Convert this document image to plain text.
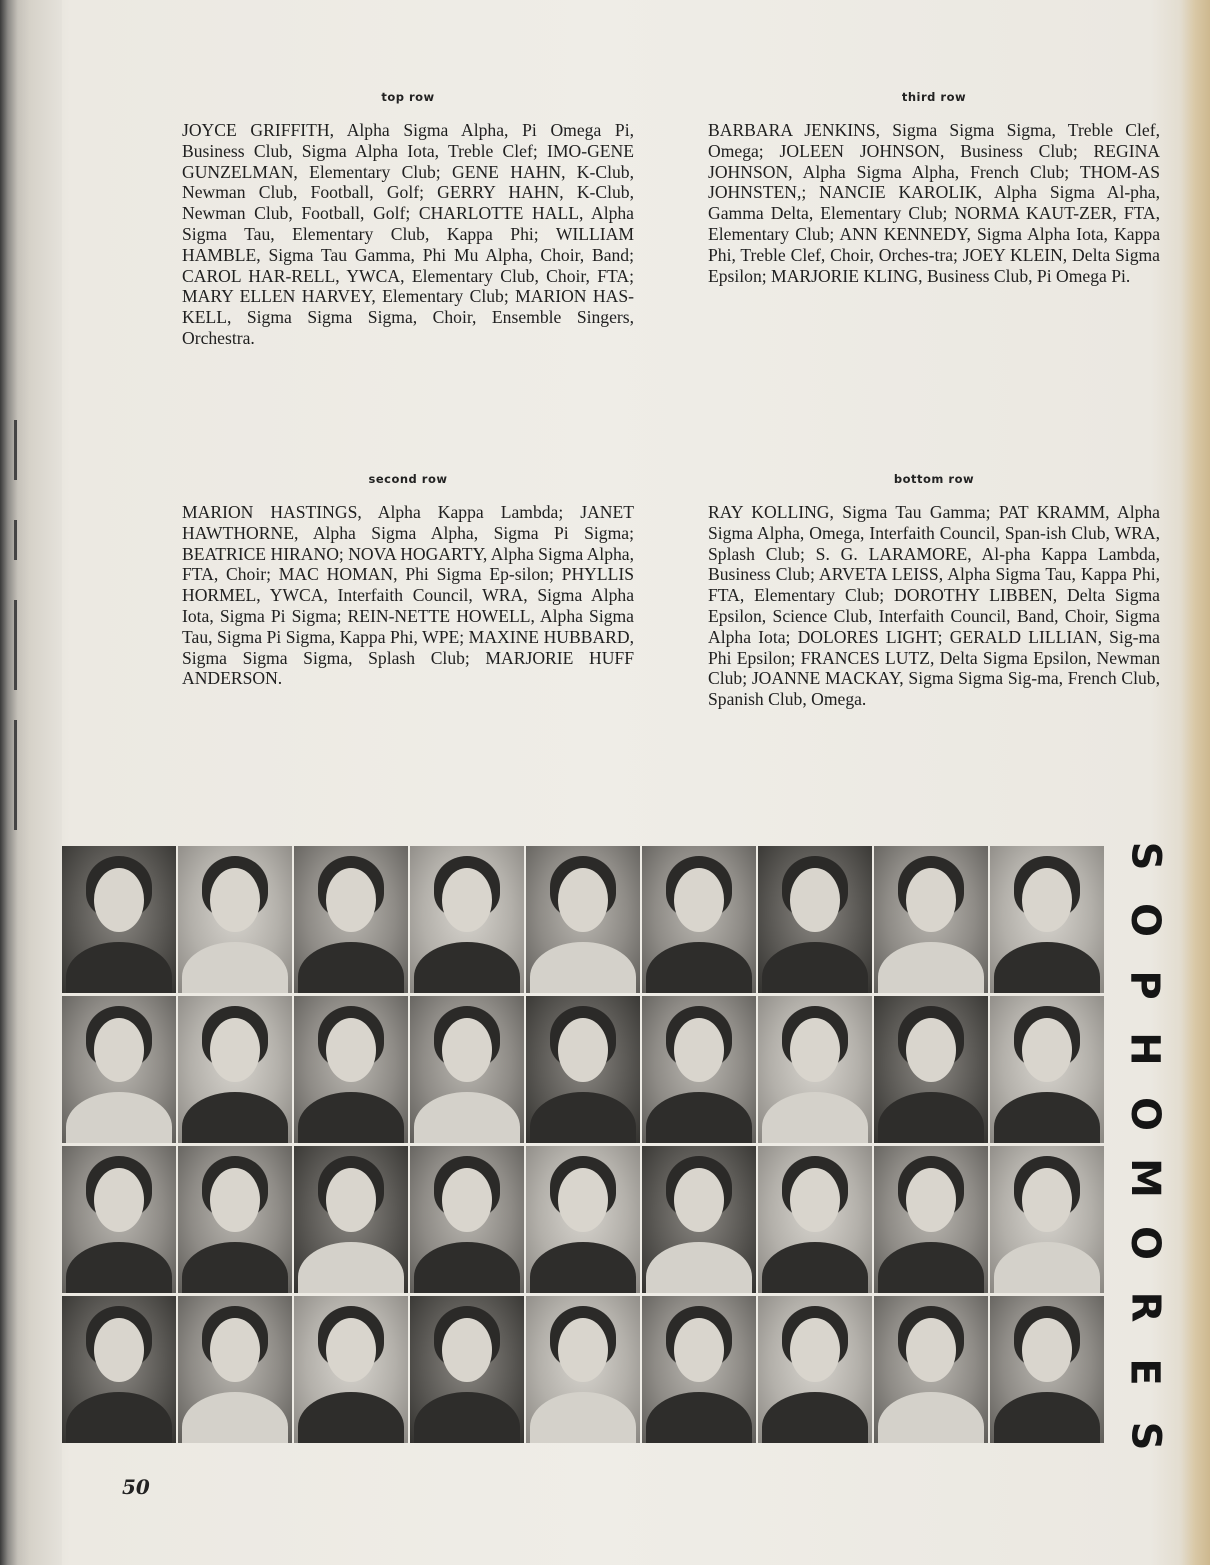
top row
JOYCE GRIFFITH, Alpha Sigma Alpha, Pi Omega Pi, Business Club, Sigma Alpha Iota, Treble Clef; IMO-GENE GUNZELMAN, Elementary Club; GENE HAHN, K-Club, Newman Club, Football, Golf; GERRY HAHN, K-Club, Newman Club, Football, Golf; CHARLOTTE HALL, Alpha Sigma Tau, Elementary Club, Kappa Phi; WILLIAM HAMBLE, Sigma Tau Gamma, Phi Mu Alpha, Choir, Band; CAROL HAR-RELL, YWCA, Elementary Club, Choir, FTA; MARY ELLEN HARVEY, Elementary Club; MARION HAS-KELL, Sigma Sigma Sigma, Choir, Ensemble Singers, Orchestra.
third row
BARBARA JENKINS, Sigma Sigma Sigma, Treble Clef, Omega; JOLEEN JOHNSON, Business Club; REGINA JOHNSON, Alpha Sigma Alpha, French Club; THOM-AS JOHNSTEN,; NANCIE KAROLIK, Alpha Sigma Al-pha, Gamma Delta, Elementary Club; NORMA KAUT-ZER, FTA, Elementary Club; ANN KENNEDY, Sigma Alpha Iota, Kappa Phi, Treble Clef, Choir, Orches-tra; JOEY KLEIN, Delta Sigma Epsilon; MARJORIE KLING, Business Club, Pi Omega Pi.
second row
MARION HASTINGS, Alpha Kappa Lambda; JANET HAWTHORNE, Alpha Sigma Alpha, Sigma Pi Sigma; BEATRICE HIRANO; NOVA HOGARTY, Alpha Sigma Alpha, FTA, Choir; MAC HOMAN, Phi Sigma Ep-silon; PHYLLIS HORMEL, YWCA, Interfaith Council, WRA, Sigma Alpha Iota, Sigma Pi Sigma; REIN-NETTE HOWELL, Alpha Sigma Tau, Sigma Pi Sigma, Kappa Phi, WPE; MAXINE HUBBARD, Sigma Sigma Sigma, Splash Club; MARJORIE HUFF ANDERSON.
bottom row
RAY KOLLING, Sigma Tau Gamma; PAT KRAMM, Alpha Sigma Alpha, Omega, Interfaith Council, Span-ish Club, WRA, Splash Club; S. G. LARAMORE, Al-pha Kappa Lambda, Business Club; ARVETA LEISS, Alpha Sigma Tau, Kappa Phi, FTA, Elementary Club; DOROTHY LIBBEN, Delta Sigma Epsilon, Science Club, Interfaith Council, Band, Choir, Sigma Alpha Iota; DOLORES LIGHT; GERALD LILLIAN, Sig-ma Phi Epsilon; FRANCES LUTZ, Delta Sigma Epsilon, Newman Club; JOANNE MACKAY, Sigma Sigma Sig-ma, French Club, Spanish Club, Omega.
S
O
P
H
O
M
O
R
E
S
50
